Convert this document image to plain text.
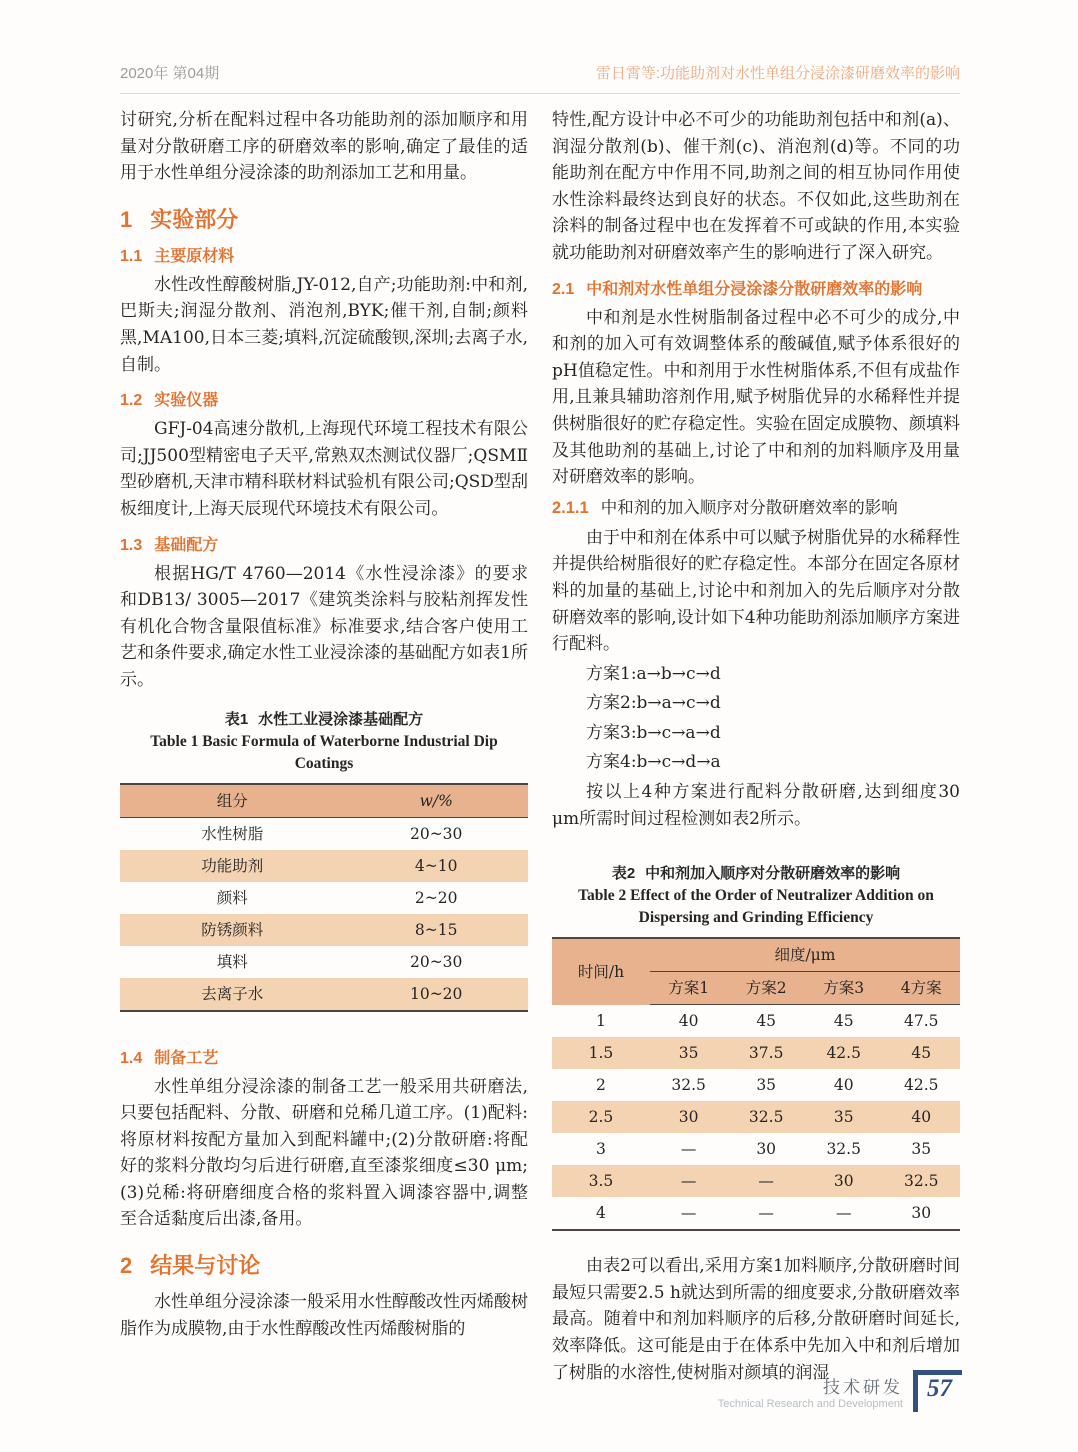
2020年 第04期	雷日霄等:功能助剂对水性单组分浸涂漆研磨效率的影响

讨研究,分析在配料过程中各功能助剂的添加顺序和用量对分散研磨工序的研磨效率的影响,确定了最佳的适用于水性单组分浸涂漆的助剂添加工艺和用量。

1 实验部分
1.1 主要原材料

水性改性醇酸树脂,JY-012,自产;功能助剂:中和剂,巴斯夫;润湿分散剂、消泡剂,BYK;催干剂,自制;颜料黑,MA100,日本三菱;填料,沉淀硫酸钡,深圳;去离子水,自制。

1.2 实验仪器

GFJ-04高速分散机,上海现代环境工程技术有限公司;JJ500型精密电子天平,常熟双杰测试仪器厂;QSMⅡ型砂磨机,天津市精科联材料试验机有限公司;QSD型刮板细度计,上海天辰现代环境技术有限公司。

1.3 基础配方

根据HG/T 4760—2014《水性浸涂漆》的要求和DB13/ 3005—2017《建筑类涂料与胶粘剂挥发性有机化合物含量限值标准》标准要求,结合客户使用工艺和条件要求,确定水性工业浸涂漆的基础配方如表1所示。

表1 水性工业浸涂漆基础配方
Table 1 Basic Formula of Waterborne Industrial Dip
Coatings
组分	w/%
水性树脂	20~30
功能助剂	4~10
颜料	2~20
防锈颜料	8~15
填料	20~30
去离子水	10~20
1.4 制备工艺

水性单组分浸涂漆的制备工艺一般采用共研磨法,只要包括配料、分散、研磨和兑稀几道工序。(1)配料:将原材料按配方量加入到配料罐中;(2)分散研磨:将配好的浆料分散均匀后进行研磨,直至漆浆细度≤30 μm;(3)兑稀:将研磨细度合格的浆料置入调漆容器中,调整至合适黏度后出漆,备用。

2 结果与讨论

水性单组分浸涂漆一般采用水性醇酸改性丙烯酸树脂作为成膜物,由于水性醇酸改性丙烯酸树脂的

特性,配方设计中必不可少的功能助剂包括中和剂(a)、润湿分散剂(b)、催干剂(c)、消泡剂(d)等。不同的功能助剂在配方中作用不同,助剂之间的相互协同作用使水性涂料最终达到良好的状态。不仅如此,这些助剂在涂料的制备过程中也在发挥着不可或缺的作用,本实验就功能助剂对研磨效率产生的影响进行了深入研究。

2.1 中和剂对水性单组分浸涂漆分散研磨效率的影响

中和剂是水性树脂制备过程中必不可少的成分,中和剂的加入可有效调整体系的酸碱值,赋予体系很好的pH值稳定性。中和剂用于水性树脂体系,不但有成盐作用,且兼具辅助溶剂作用,赋予树脂优异的水稀释性并提供树脂很好的贮存稳定性。实验在固定成膜物、颜填料及其他助剂的基础上,讨论了中和剂的加料顺序及用量对研磨效率的影响。

2.1.1 中和剂的加入顺序对分散研磨效率的影响

由于中和剂在体系中可以赋予树脂优异的水稀释性并提供给树脂很好的贮存稳定性。本部分在固定各原材料的加量的基础上,讨论中和剂加入的先后顺序对分散研磨效率的影响,设计如下4种功能助剂添加顺序方案进行配料。

方案1:a→b→c→d
方案2:b→a→c→d
方案3:b→c→a→d
方案4:b→c→d→a

按以上4种方案进行配料分散研磨,达到细度30 μm所需时间过程检测如表2所示。

表2 中和剂加入顺序对分散研磨效率的影响
Table 2 Effect of the Order of Neutralizer Addition on
Dispersing and Grinding Efficiency
时间/h	细度/μm			
	方案1	方案2	方案3	4方案
1	40	45	45	47.5
1.5	35	37.5	42.5	45
2	32.5	35	40	42.5
2.5	30	32.5	35	40
3	—	30	32.5	35
3.5	—	—	30	32.5
4	—	—	—	30

由表2可以看出,采用方案1加料顺序,分散研磨时间最短只需要2.5 h就达到所需的细度要求,分散研磨效率最高。随着中和剂加料顺序的后移,分散研磨时间延长,效率降低。这可能是由于在体系中先加入中和剂后增加了树脂的水溶性,使树脂对颜填的润湿

技术研发
Technical Research and Development
57
